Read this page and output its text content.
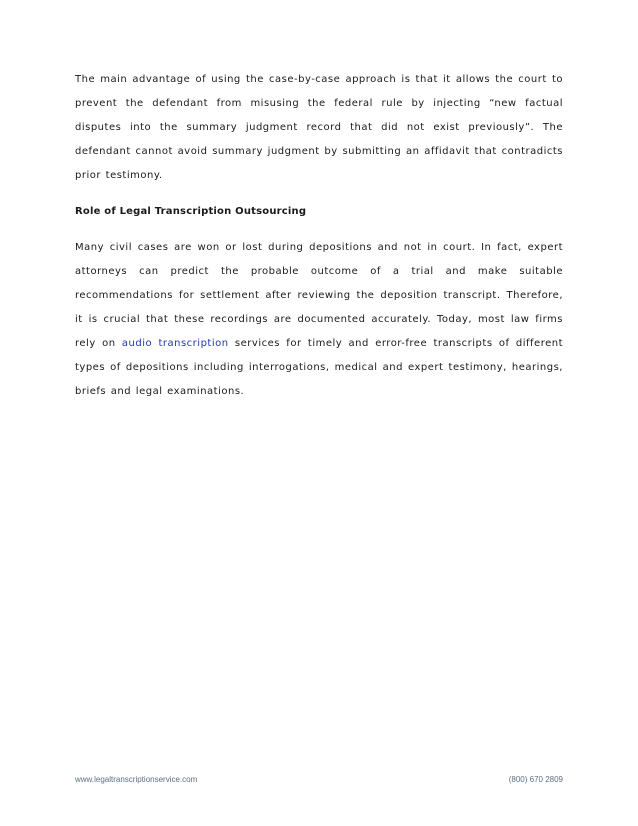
The main advantage of using the case-by-case approach is that it allows the court to prevent the defendant from misusing the federal rule by injecting “new factual disputes into the summary judgment record that did not exist previously”. The defendant cannot avoid summary judgment by submitting an affidavit that contradicts prior testimony.

Role of Legal Transcription Outsourcing

Many civil cases are won or lost during depositions and not in court. In fact, expert attorneys can predict the probable outcome of a trial and make suitable recommendations for settlement after reviewing the deposition transcript. Therefore, it is crucial that these recordings are documented accurately. Today, most law firms rely on audio transcription services for timely and error-free transcripts of different types of depositions including interrogations, medical and expert testimony, hearings, briefs and legal examinations.

www.legaltranscriptionservice.com	(800) 670 2809
